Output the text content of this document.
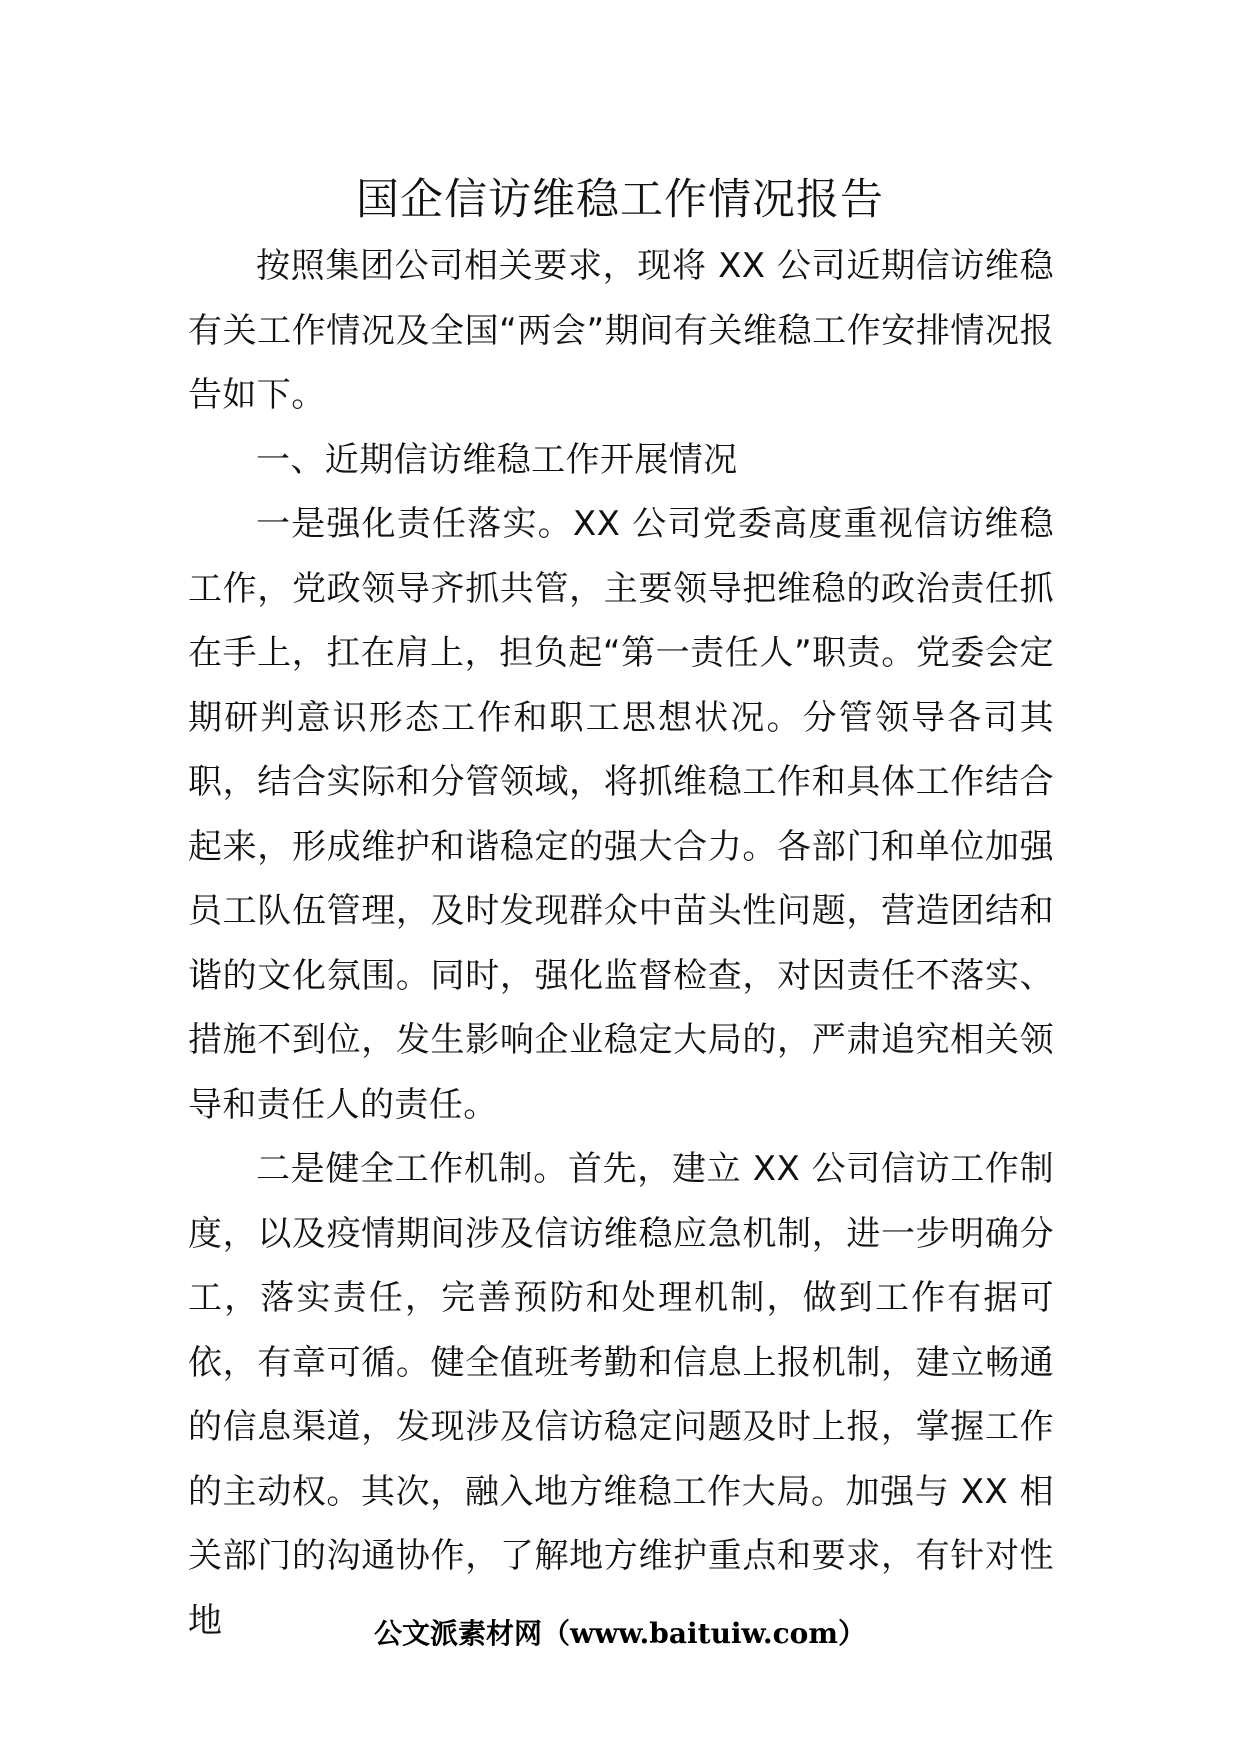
国企信访维稳工作情况报告

按照集团公司相关要求，现将 XX 公司近期信访维稳有关工作情况及全国“两会”期间有关维稳工作安排情况报告如下。

一、近期信访维稳工作开展情况

一是强化责任落实。XX 公司党委高度重视信访维稳工作，党政领导齐抓共管，主要领导把维稳的政治责任抓在手上，扛在肩上，担负起“第一责任人”职责。党委会定期研判意识形态工作和职工思想状况。分管领导各司其职，结合实际和分管领域，将抓维稳工作和具体工作结合起来，形成维护和谐稳定的强大合力。各部门和单位加强员工队伍管理，及时发现群众中苗头性问题，营造团结和谐的文化氛围。同时，强化监督检查，对因责任不落实、措施不到位，发生影响企业稳定大局的，严肃追究相关领导和责任人的责任。

二是健全工作机制。首先，建立 XX 公司信访工作制度，以及疫情期间涉及信访维稳应急机制，进一步明确分工，落实责任，完善预防和处理机制，做到工作有据可依，有章可循。健全值班考勤和信息上报机制，建立畅通的信息渠道，发现涉及信访稳定问题及时上报，掌握工作的主动权。其次，融入地方维稳工作大局。加强与 XX 相关部门的沟通协作，了解地方维护重点和要求，有针对性地	公文派素材网（www.baituiw.com）
